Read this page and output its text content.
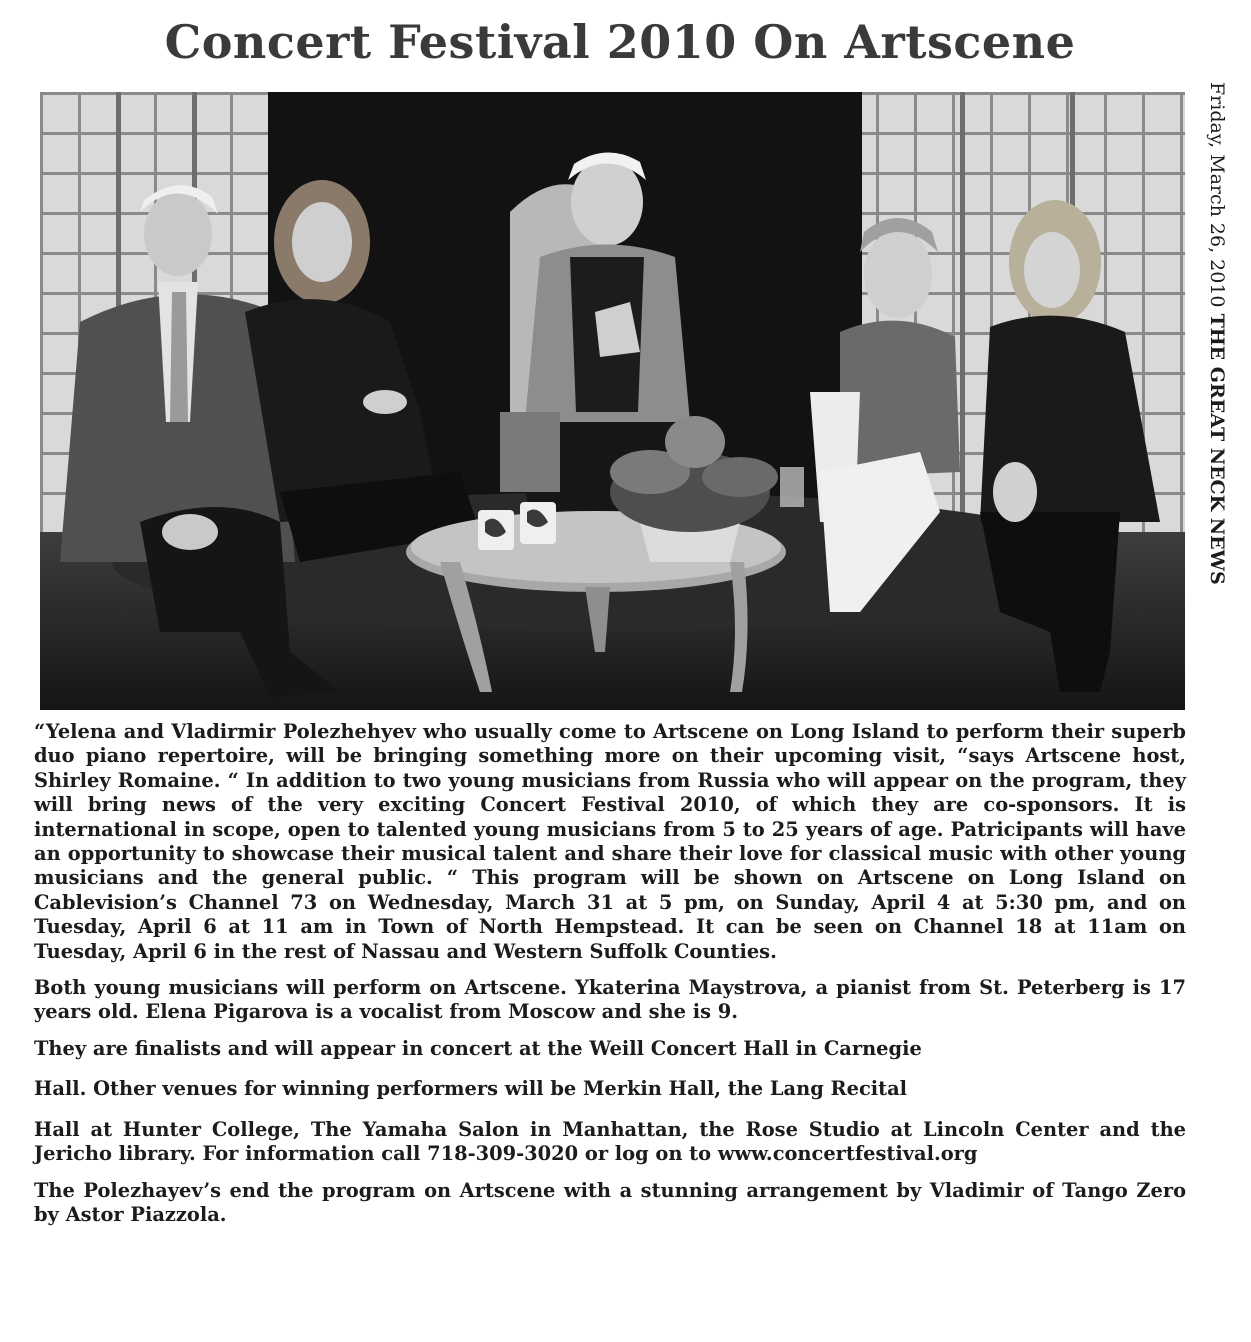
Concert Festival 2010 On Artscene
Friday, March 26, 2010 THE GREAT NECK NEWS

“Yelena and Vladirmir Polezhehyev who usually come to Artscene on Long Island to perform their superb duo piano repertoire, will be bringing something more on their upcoming visit, “says Artscene host, Shirley Romaine. “ In addition to two young musicians from Russia who will appear on the program, they will bring news of the very exciting Concert Festival 2010, of which they are co-sponsors. It is international in scope, open to talented young musicians from 5 to 25 years of age. Patricipants will have an opportunity to showcase their musical talent and share their love for classical music with other young musicians and the general public. “ This program will be shown on Artscene on Long Island on Cablevision’s Channel 73 on Wednesday, March 31 at 5 pm, on Sunday, April 4 at 5:30 pm, and on Tuesday, April 6 at 11 am in Town of North Hempstead. It can be seen on Channel 18 at 11am on Tuesday, April 6 in the rest of Nassau and Western Suffolk Counties.

Both young musicians will perform on Artscene. Ykaterina Maystrova, a pianist from St. Peterberg is 17 years old. Elena Pigarova is a vocalist from Moscow and she is 9.

They are finalists and will appear in concert at the Weill Concert Hall in Carnegie

Hall. Other venues for winning performers will be Merkin Hall, the Lang Recital

Hall at Hunter College, The Yamaha Salon in Manhattan, the Rose Studio at Lincoln Center and the Jericho library. For information call 718-309-3020 or log on to www.concertfestival.org

The Polezhayev’s end the program on Artscene with a stunning arrangement by Vladimir of Tango Zero by Astor Piazzola.
